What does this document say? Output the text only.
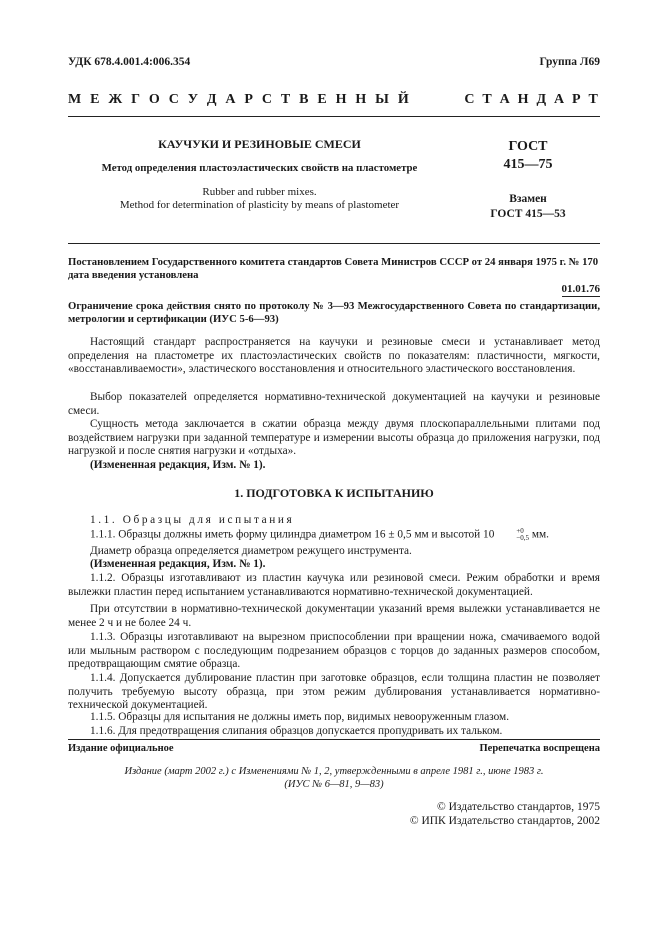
УДК 678.4.001.4:006.354	Группа Л69
М Е Ж Г О С У Д А Р С Т В Е Н Н Ы Й	С Т А Н Д А Р Т
КАУЧУКИ И РЕЗИНОВЫЕ СМЕСИ
Метод определения пластоэластических свойств на пластометре
Rubber and rubber mixes.
Method for determination of plasticity by means of plastometer
ГОСТ
415—75
Взамен
ГОСТ 415—53

Постановлением Государственного комитета стандартов Совета Министров СССР от 24 января 1975 г. № 170 дата введения установлена

01.01.76

Ограничение срока действия снято по протоколу № 3—93 Межгосударственного Совета по стандартизации, метрологии и сертификации (ИУС 5-6—93)

Настоящий стандарт распространяется на каучуки и резиновые смеси и устанавливает метод определения на пластометре их пластоэластических свойств по показателям: пластичности, мягкости, «восстанавливаемости», эластического восстановления и относительного эластического восстановления.

Выбор показателей определяется нормативно-технической документацией на каучуки и резиновые смеси.

Сущность метода заключается в сжатии образца между двумя плоскопараллельными плитами под воздействием нагрузки при заданной температуре и измерении высоты образца до приложения нагрузки, под нагрузкой и после снятия нагрузки и «отдыха».

(Измененная редакция, Изм. № 1).

1. ПОДГОТОВКА К ИСПЫТАНИЮ

1.1. Образцы для испытания

1.1.1. Образцы должны иметь форму цилиндра диаметром 16 ± 0,5 мм и высотой 10	+0
−0,5 мм.

Диаметр образца определяется диаметром режущего инструмента.

(Измененная редакция, Изм. № 1).

1.1.2. Образцы изготавливают из пластин каучука или резиновой смеси. Режим обработки и время вылежки пластин перед испытанием устанавливаются нормативно-технической документацией.

При отсутствии в нормативно-технической документации указаний время вылежки устанавливается не менее 2 ч и не более 24 ч.

1.1.3. Образцы изготавливают на вырезном приспособлении при вращении ножа, смачиваемого водой или мыльным раствором с последующим подрезанием образцов с торцов до заданных размеров способом, предотвращающим смятие образца.

1.1.4. Допускается дублирование пластин при заготовке образцов, если толщина пластин не позволяет получить требуемую высоту образца, при этом режим дублирования устанавливается нормативно-технической документацией.

1.1.5. Образцы для испытания не должны иметь пор, видимых невооруженным глазом.

1.1.6. Для предотвращения слипания образцов допускается пропудривать их тальком.

Издание официальное	Перепечатка воспрещена
Издание (март 2002 г.) с Изменениями № 1, 2, утвержденными в апреле 1981 г., июне 1983 г.
(ИУС № 6—81, 9—83)
© Издательство стандартов, 1975
© ИПК Издательство стандартов, 2002
